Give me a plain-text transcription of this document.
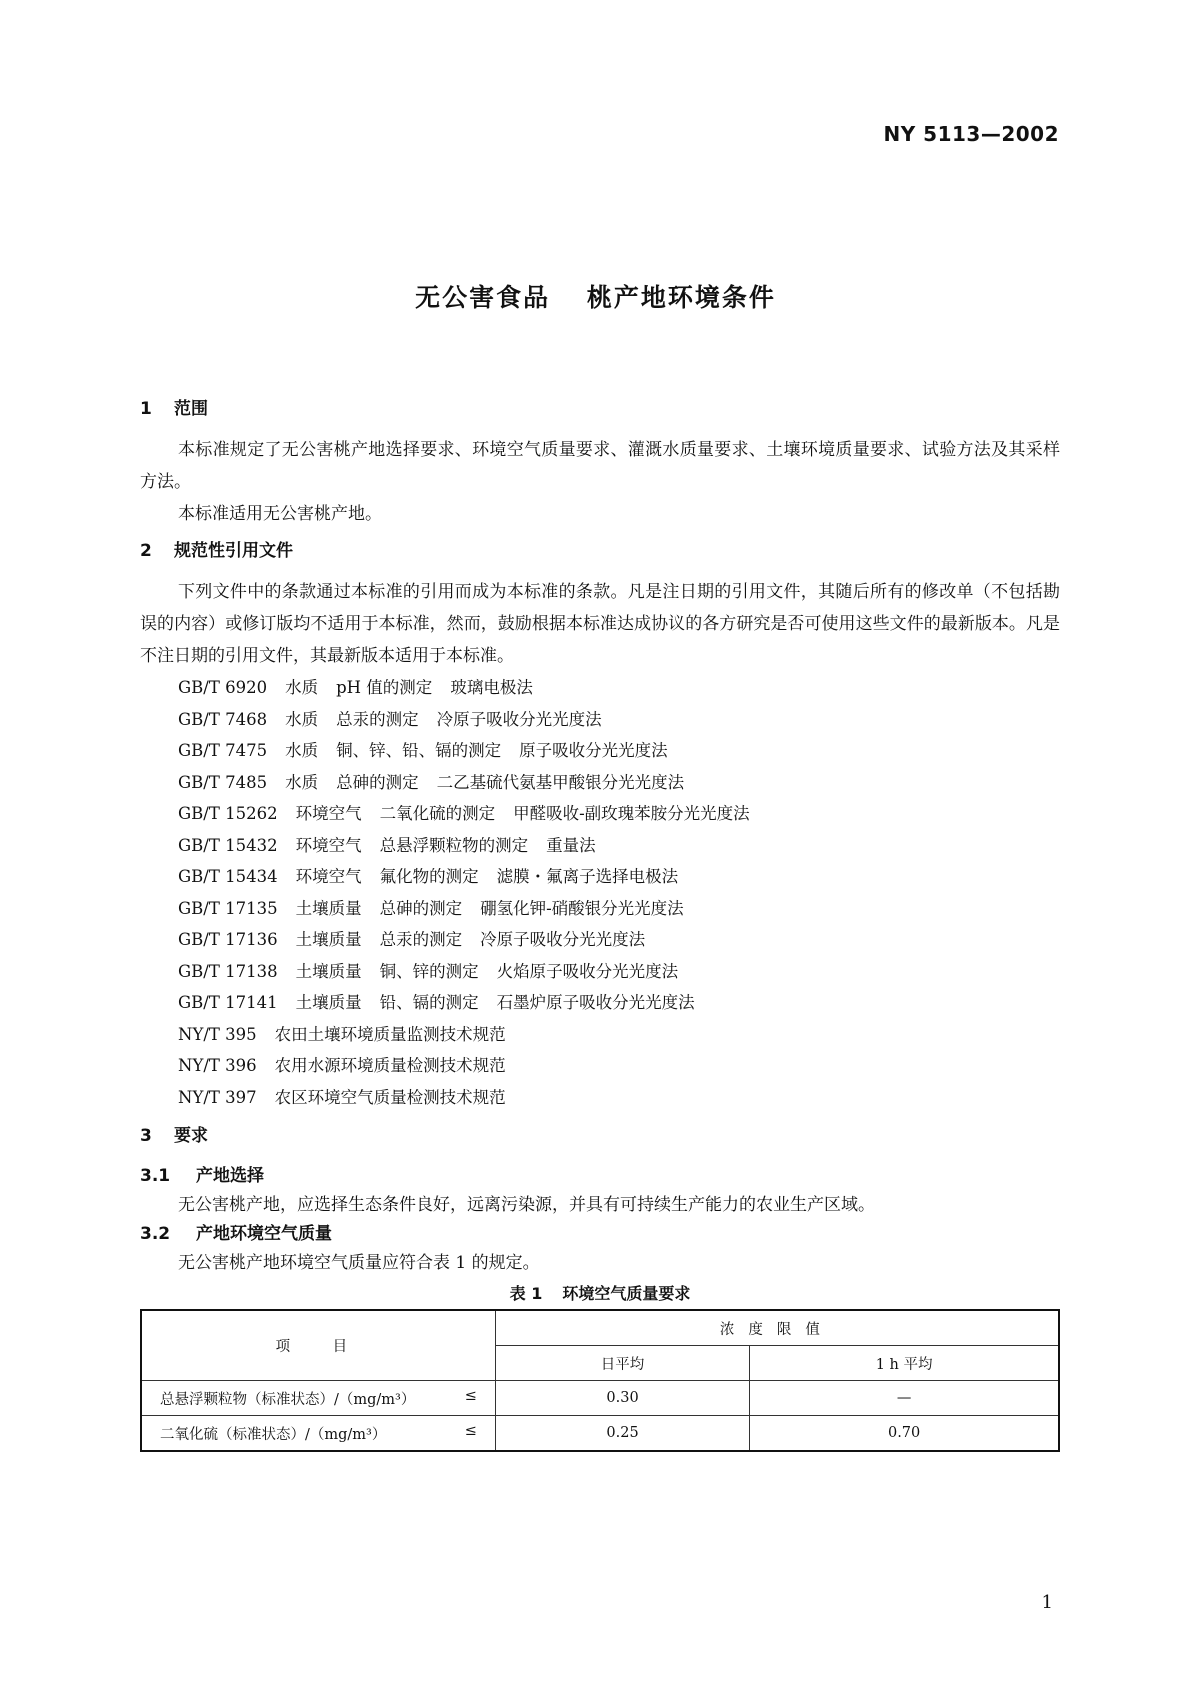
NY 5113—2002
无公害食品 桃产地环境条件
1 范围

本标准规定了无公害桃产地选择要求、环境空气质量要求、灌溉水质量要求、土壤环境质量要求、试验方法及其采样方法。

本标准适用无公害桃产地。

2 规范性引用文件

下列文件中的条款通过本标准的引用而成为本标准的条款。凡是注日期的引用文件，其随后所有的修改单（不包括勘误的内容）或修订版均不适用于本标准，然而，鼓励根据本标准达成协议的各方研究是否可使用这些文件的最新版本。凡是不注日期的引用文件，其最新版本适用于本标准。

GB/T 6920 水质 pH 值的测定 玻璃电极法
GB/T 7468 水质 总汞的测定 冷原子吸收分光光度法
GB/T 7475 水质 铜、锌、铅、镉的测定 原子吸收分光光度法
GB/T 7485 水质 总砷的测定 二乙基硫代氨基甲酸银分光光度法
GB/T 15262 环境空气 二氧化硫的测定 甲醛吸收-副玫瑰苯胺分光光度法
GB/T 15432 环境空气 总悬浮颗粒物的测定 重量法
GB/T 15434 环境空气 氟化物的测定 滤膜・氟离子选择电极法
GB/T 17135 土壤质量 总砷的测定 硼氢化钾-硝酸银分光光度法
GB/T 17136 土壤质量 总汞的测定 冷原子吸收分光光度法
GB/T 17138 土壤质量 铜、锌的测定 火焰原子吸收分光光度法
GB/T 17141 土壤质量 铅、镉的测定 石墨炉原子吸收分光光度法
NY/T 395 农田土壤环境质量监测技术规范
NY/T 396 农用水源环境质量检测技术规范
NY/T 397 农区环境空气质量检测技术规范
3 要求
3.1 产地选择

无公害桃产地，应选择生态条件良好，远离污染源，并具有可持续生产能力的农业生产区域。

3.2 产地环境空气质量

无公害桃产地环境空气质量应符合表 1 的规定。

表 1 环境空气质量要求
项　目	浓度限值	
	日平均	1 h 平均

总悬浮颗粒物（标准状态）/（mg/m³） ≤	0.30	—

二氧化硫（标准状态）/（mg/m³） ≤	0.25	0.70
1
